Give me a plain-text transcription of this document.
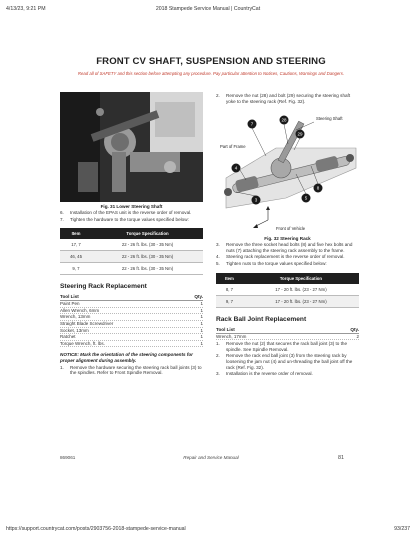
4/13/23, 9:21 PM	2018 Stampede Service Manual | CountryCat
FRONT CV SHAFT, SUSPENSION AND STEERING
Read all of SAFETY and this section before attempting any procedure. Pay particular attention to Notices, Cautions, Warnings and Dangers.
Fig. 31 Lower Steering Shaft
6.	Installation of the EPAS unit is the reverse order of removal.
7.	Tighten the hardware to the torque values specified below:
Item	Torque Specification
17, 7	22 - 26 ft. lbs. (30 - 35 Nm)
46, 45	22 - 26 ft. lbs. (30 - 35 Nm)
9, 7	22 - 26 ft. lbs. (30 - 35 Nm)
Steering Rack Replacement
Tool List	Qty.
Paint Pen	1
Allen Wrench, 6mm	1
Wrench, 13mm	1
Straight Blade Screwdriver	1
Socket, 13mm	1
Ratchet	1
Torque Wrench, ft. lbs.	1
NOTICE: Mark the orientation of the steering components for proper alignment during assembly.
1.	Remove the hardware securing the steering rack ball joints (3) to the spindles. Refer to Front Spindle Removal.
2.	Remove the nut (28) and bolt (29) securing the steering shaft yoke to the steering rack (Ref. Fig. 32).
7
28
29
4
3	5
8
Steering Shaft
Part of Frame
Front of Vehicle
Fig. 32 Steering Rack
3.	Remove the three socket head bolts (8) and five hex bolts and nuts (7) attaching the steering rack assembly to the frame.
4.	Steering rack replacement is the reverse order of removal.
5.	Tighten nuts to the torque values specified below:
Item	Torque Specification
8, 7	17 - 20 ft. lbs. (23 - 27 Nm)
9, 7	17 - 20 ft. lbs. (23 - 27 Nm)
Rack Ball Joint Replacement
Tool List	Qty.
Wrench, 17mm	2
1.	Remove the nut (2) that secures the rack ball joint (3) to the spindle. See Spindle Removal.
2.	Remove the rack end ball joint (3) from the steering rack by loosening the jam nut (4) and un-threading the ball joint off the rack (Ref. Fig. 32).
3.	Installation is the reverse order of removal.
869061	Repair and Service Manual	81
https://support.countrycat.com/posts/2903756-2018-stampede-service-manual	93/237
